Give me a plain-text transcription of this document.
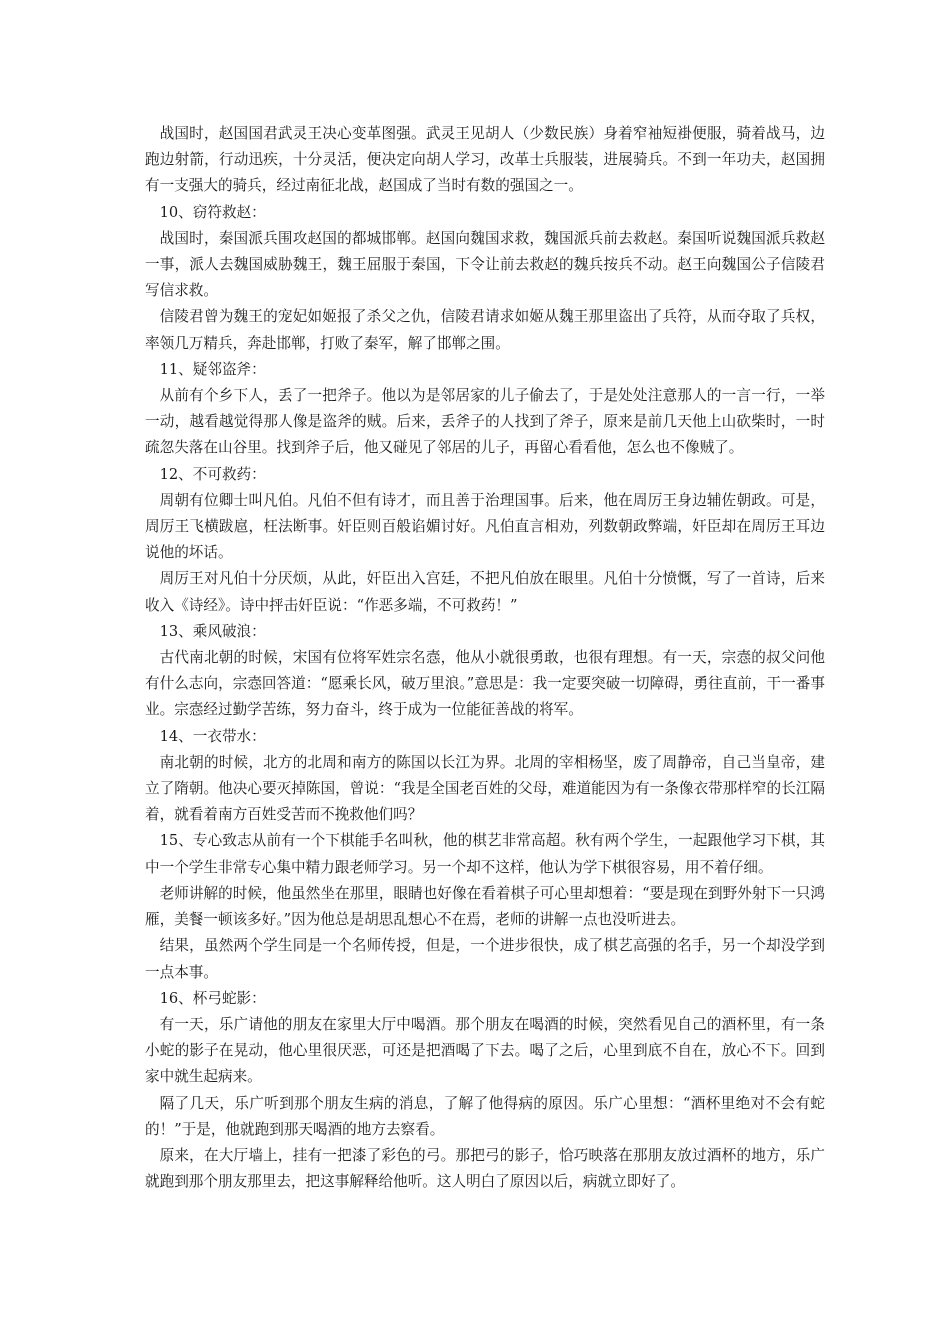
战国时，赵国国君武灵王决心变革图强。武灵王见胡人（少数民族）身着窄袖短褂便服，骑着战马，边跑边射箭，行动迅疾，十分灵活，便决定向胡人学习，改革士兵服装，进展骑兵。不到一年功夫，赵国拥有一支强大的骑兵，经过南征北战，赵国成了当时有数的强国之一。

10、窃符救赵：

战国时，秦国派兵围攻赵国的都城邯郸。赵国向魏国求救，魏国派兵前去救赵。秦国听说魏国派兵救赵一事，派人去魏国威胁魏王，魏王屈服于秦国，下令让前去救赵的魏兵按兵不动。赵王向魏国公子信陵君写信求救。

信陵君曾为魏王的宠妃如姬报了杀父之仇，信陵君请求如姬从魏王那里盗出了兵符，从而夺取了兵权，率领几万精兵，奔赴邯郸，打败了秦军，解了邯郸之围。

11、疑邻盗斧：

从前有个乡下人，丢了一把斧子。他以为是邻居家的儿子偷去了，于是处处注意那人的一言一行，一举一动，越看越觉得那人像是盗斧的贼。后来，丢斧子的人找到了斧子，原来是前几天他上山砍柴时，一时疏忽失落在山谷里。找到斧子后，他又碰见了邻居的儿子，再留心看看他，怎么也不像贼了。

12、不可救药：

周朝有位卿士叫凡伯。凡伯不但有诗才，而且善于治理国事。后来，他在周厉王身边辅佐朝政。可是，周厉王飞横跋扈，枉法断事。奸臣则百般谄媚讨好。凡伯直言相劝，列数朝政弊端，奸臣却在周厉王耳边说他的坏话。

周厉王对凡伯十分厌烦，从此，奸臣出入宫廷，不把凡伯放在眼里。凡伯十分愤慨，写了一首诗，后来收入《诗经》。诗中抨击奸臣说：“作恶多端，不可救药！”

13、乘风破浪：

古代南北朝的时候，宋国有位将军姓宗名悫，他从小就很勇敢，也很有理想。有一天，宗悫的叔父问他有什么志向，宗悫回答道：“愿乘长风，破万里浪。”意思是：我一定要突破一切障碍，勇往直前，干一番事业。宗悫经过勤学苦练，努力奋斗，终于成为一位能征善战的将军。

14、一衣带水：

南北朝的时候，北方的北周和南方的陈国以长江为界。北周的宰相杨坚，废了周静帝，自己当皇帝，建立了隋朝。他决心要灭掉陈国，曾说：“我是全国老百姓的父母，难道能因为有一条像衣带那样窄的长江隔着，就看着南方百姓受苦而不挽救他们吗？

15、专心致志从前有一个下棋能手名叫秋，他的棋艺非常高超。秋有两个学生，一起跟他学习下棋，其中一个学生非常专心集中精力跟老师学习。另一个却不这样，他认为学下棋很容易，用不着仔细。

老师讲解的时候，他虽然坐在那里，眼睛也好像在看着棋子可心里却想着：“要是现在到野外射下一只鸿雁，美餐一顿该多好。”因为他总是胡思乱想心不在焉，老师的讲解一点也没听进去。

结果，虽然两个学生同是一个名师传授，但是，一个进步很快，成了棋艺高强的名手，另一个却没学到一点本事。

16、杯弓蛇影：

有一天，乐广请他的朋友在家里大厅中喝酒。那个朋友在喝酒的时候，突然看见自己的酒杯里，有一条小蛇的影子在晃动，他心里很厌恶，可还是把酒喝了下去。喝了之后，心里到底不自在，放心不下。回到家中就生起病来。

隔了几天，乐广听到那个朋友生病的消息，了解了他得病的原因。乐广心里想：“酒杯里绝对不会有蛇的！”于是，他就跑到那天喝酒的地方去察看。

原来，在大厅墙上，挂有一把漆了彩色的弓。那把弓的影子，恰巧映落在那朋友放过酒杯的地方，乐广就跑到那个朋友那里去，把这事解释给他听。这人明白了原因以后，病就立即好了。
